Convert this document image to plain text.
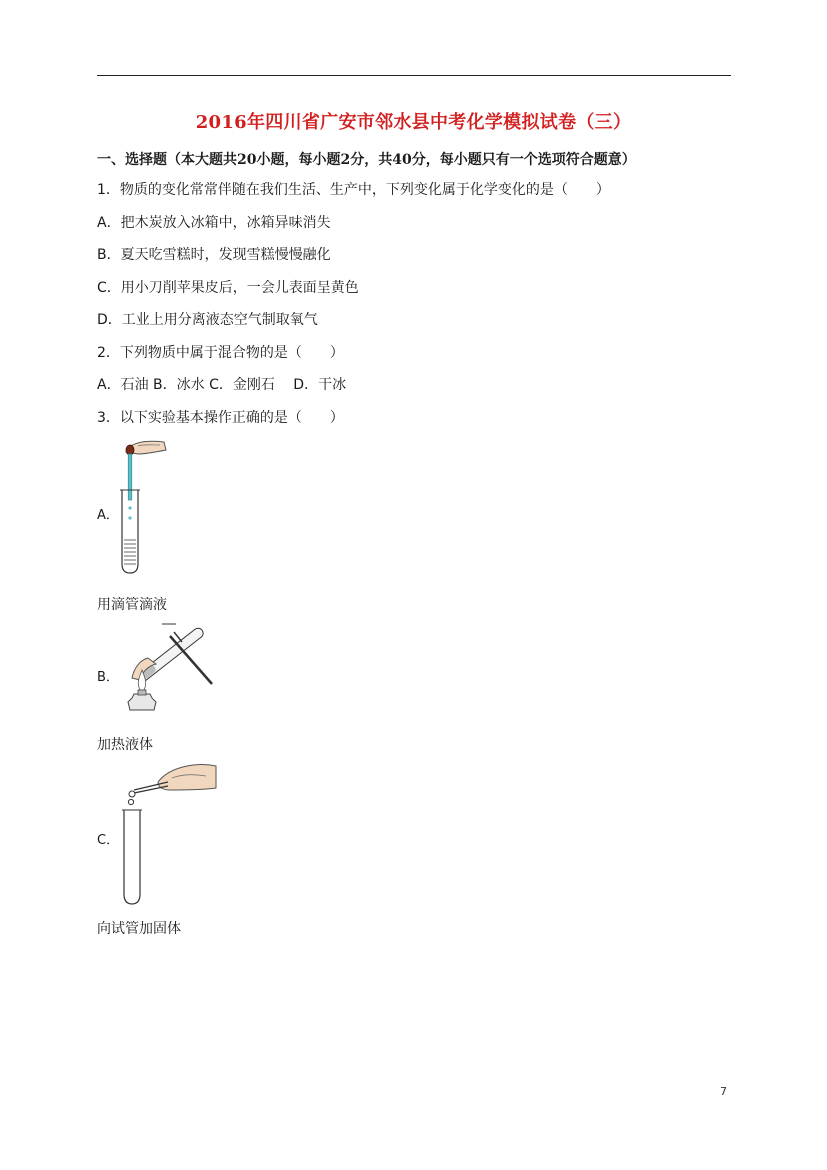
2016年四川省广安市邻水县中考化学模拟试卷（三）
一、选择题（本大题共20小题，每小题2分，共40分，每小题只有一个选项符合题意）
1．物质的变化常常伴随在我们生活、生产中，下列变化属于化学变化的是（　　）
A．把木炭放入冰箱中，冰箱异味消失
B．夏天吃雪糕时，发现雪糕慢慢融化
C．用小刀削苹果皮后，一会儿表面呈黄色
D．工业上用分离液态空气制取氧气
2．下列物质中属于混合物的是（　　）
A．石油 B．冰水 C．金刚石　 D．干冰
3．以下实验基本操作正确的是（　　）
A．
用滴管滴液
B．
加热液体
C．
向试管加固体
7
